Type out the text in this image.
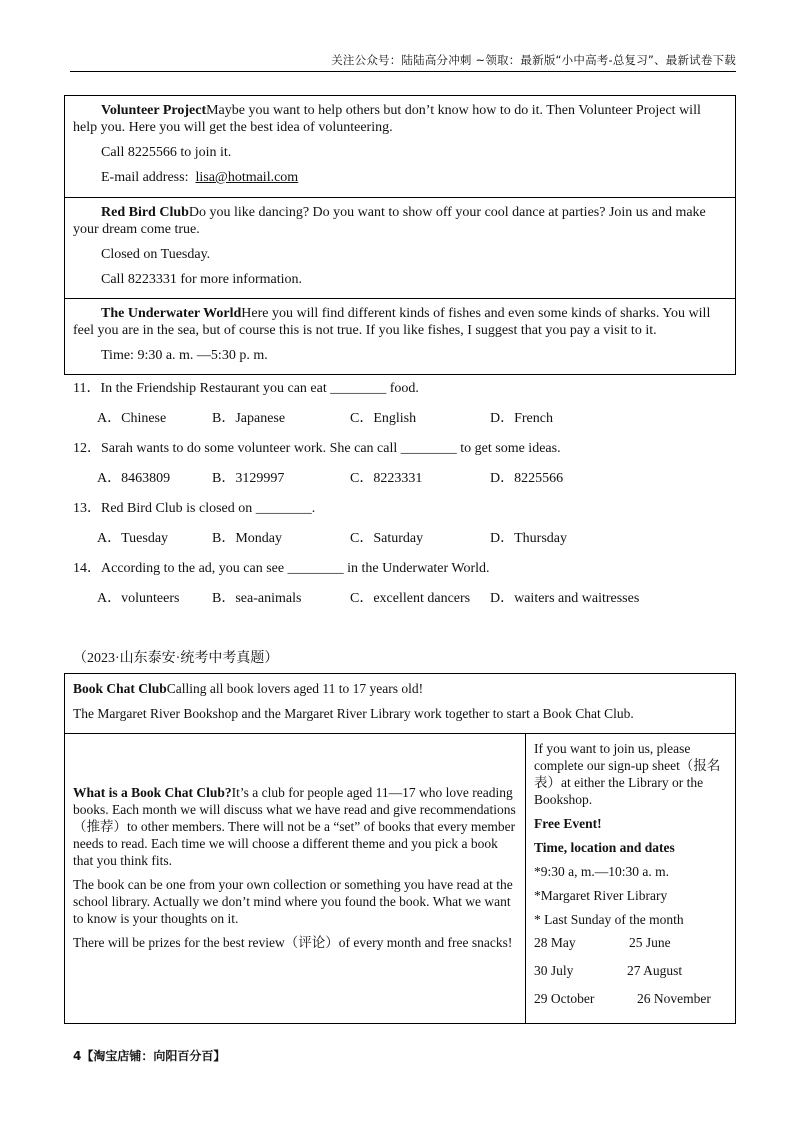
关注公众号：陆陆高分冲刺 ~领取：最新版“小中高考-总复习”、最新试卷下载

Volunteer ProjectMaybe you want to help others but don’t know how to do it. Then Volunteer Project will help you. Here you will get the best idea of volunteering.

Call 8225566 to join it.

E-mail address: lisa@hotmail.com

Red Bird ClubDo you like dancing? Do you want to show off your cool dance at parties? Join us and make your dream come true.

Closed on Tuesday.

Call 8223331 for more information.

The Underwater WorldHere you will find different kinds of fishes and even some kinds of sharks. You will feel you are in the sea, but of course this is not true. If you like fishes, I suggest that you pay a visit to it.

Time: 9:30 a. m. —5:30 p. m.

11．In the Friendship Restaurant you can eat ________ food.
A．Chinese	B．Japanese	C．English	D．French
12．Sarah wants to do some volunteer work. She can call ________ to get some ideas.
A．8463809	B．3129997	C．8223331	D．8225566
13．Red Bird Club is closed on ________.
A．Tuesday	B．Monday	C．Saturday	D．Thursday
14．According to the ad, you can see ________ in the Underwater World.
A．volunteers B．sea-animals	C．excellent dancers D．waiters and waitresses
（2023·山东泰安·统考中考真题）

Book Chat ClubCalling all book lovers aged 11 to 17 years old!

The Margaret River Bookshop and the Margaret River Library work together to start a Book Chat Club.

What is a Book Chat Club?It’s a club for people aged 11—17 who love reading books. Each month we will discuss what we have read and give recommendations（推荐）to other members. There will not be a “set” of books that every member needs to read. Each time we will choose a different theme and you pick a book that you think fits.

The book can be one from your own collection or something you have read at the school library. Actually we don’t mind where you found the book. What we want to know is your thoughts on it.

There will be prizes for the best review（评论）of every month and free snacks!

If you want to join us, please complete our sign-up sheet（报名表）at either the Library or the Bookshop.

Free Event!

Time, location and dates

*9:30 a, m.—10:30 a. m.

*Margaret River Library

* Last Sunday of the month

28 May	25 June
30 July	27 August
29 October	26 November
4【淘宝店铺：向阳百分百】
